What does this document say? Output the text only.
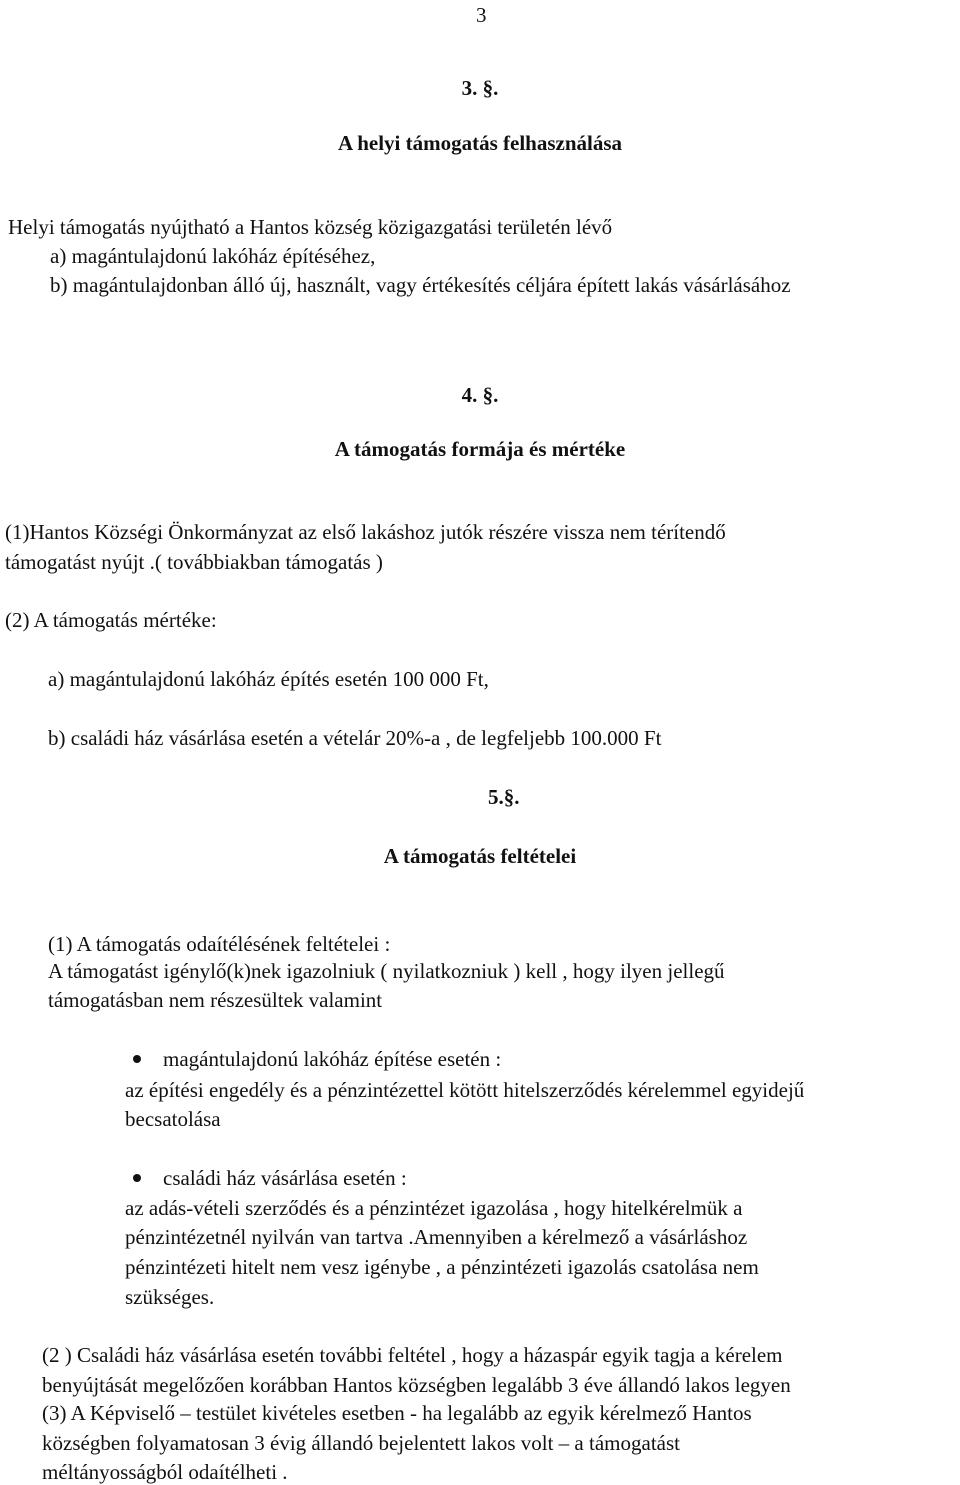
3
3. §.
A helyi támogatás felhasználása
Helyi támogatás nyújtható a Hantos község közigazgatási területén lévő
a) magántulajdonú lakóház építéséhez,
b) magántulajdonban álló új, használt, vagy értékesítés céljára épített lakás vásárlásához
4. §.
A támogatás formája és mértéke
(1)Hantos Községi Önkormányzat az első lakáshoz jutók részére vissza nem térítendő
támogatást nyújt .( továbbiakban támogatás )
(2) A támogatás mértéke:
a) magántulajdonú lakóház építés esetén 100 000 Ft,
b) családi ház vásárlása esetén a vételár 20%-a , de legfeljebb 100.000 Ft
5.§.
A támogatás feltételei
(1) A támogatás odaítélésének feltételei :
A támogatást igénylő(k)nek igazolniuk ( nyilatkozniuk ) kell , hogy ilyen jellegű
támogatásban nem részesültek valamint
magántulajdonú lakóház építése esetén :
az építési engedély és a pénzintézettel kötött hitelszerződés kérelemmel egyidejű
becsatolása
családi ház vásárlása esetén :
az adás-vételi szerződés és a pénzintézet igazolása , hogy hitelkérelmük a
pénzintézetnél nyilván van tartva .Amennyiben a kérelmező a vásárláshoz
pénzintézeti hitelt nem vesz igénybe , a pénzintézeti igazolás csatolása nem
szükséges.
(2 ) Családi ház vásárlása esetén további feltétel , hogy a házaspár egyik tagja a kérelem
benyújtását megelőzően korábban Hantos községben legalább 3 éve állandó lakos legyen
(3) A Képviselő – testület kivételes esetben - ha legalább az egyik kérelmező Hantos
községben folyamatosan 3 évig állandó bejelentett lakos volt – a támogatást
méltányosságból odaítélheti .
